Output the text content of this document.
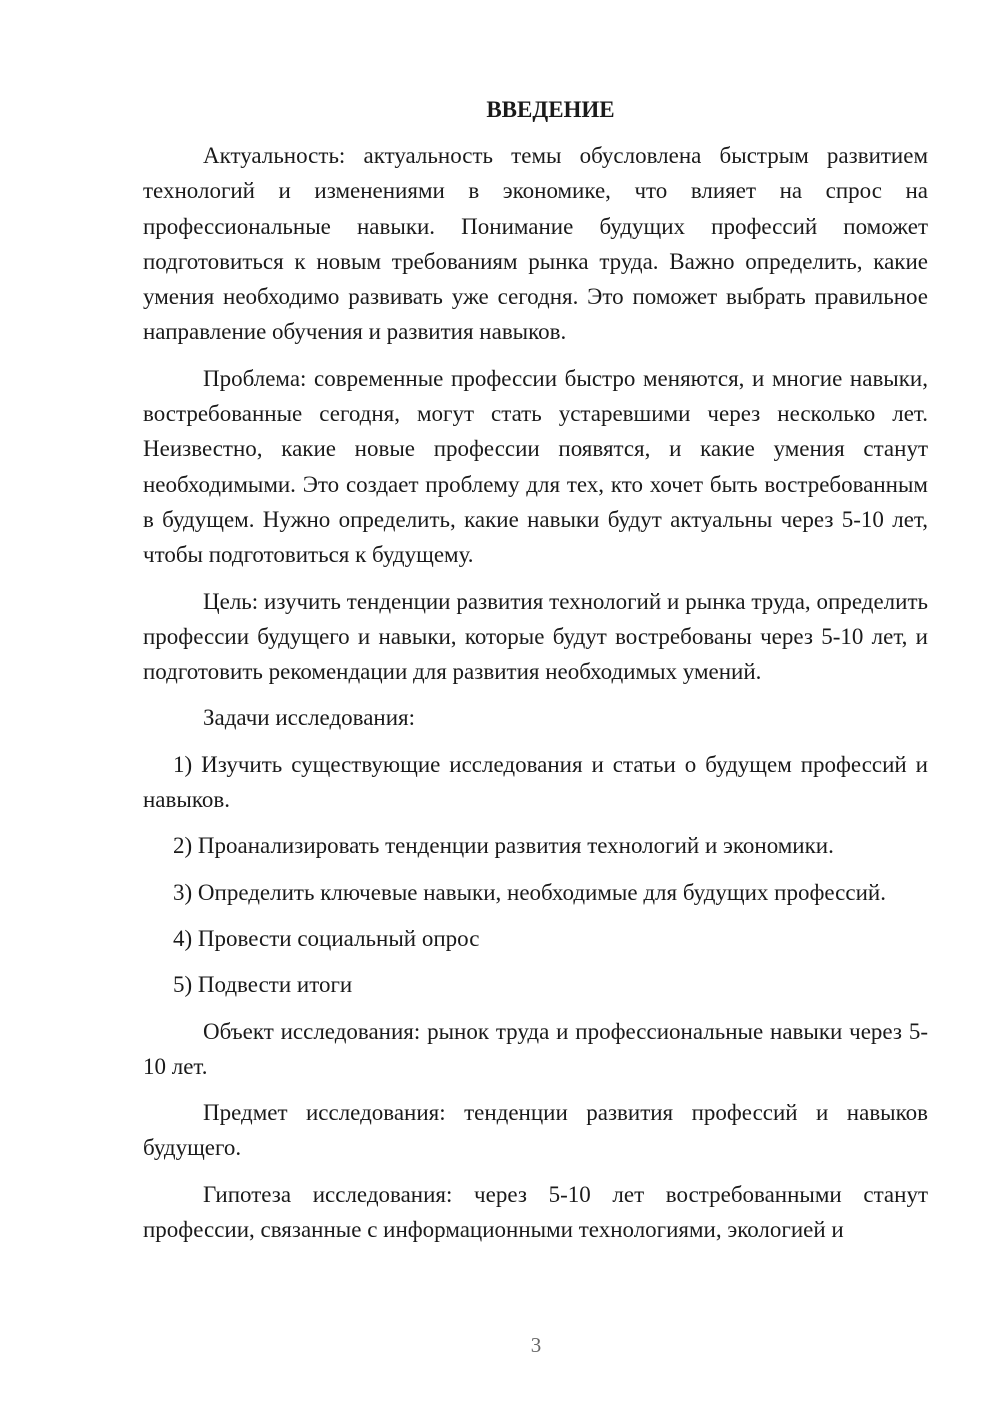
ВВЕДЕНИЕ

Актуальность: актуальность темы обусловлена быстрым развитием технологий и изменениями в экономике, что влияет на спрос на профессиональные навыки. Понимание будущих профессий поможет подготовиться к новым требованиям рынка труда. Важно определить, какие умения необходимо развивать уже сегодня. Это поможет выбрать правильное направление обучения и развития навыков.

Проблема: современные профессии быстро меняются, и многие навыки, востребованные сегодня, могут стать устаревшими через несколько лет. Неизвестно, какие новые профессии появятся, и какие умения станут необходимыми. Это создает проблему для тех, кто хочет быть востребованным в будущем. Нужно определить, какие навыки будут актуальны через 5-10 лет, чтобы подготовиться к будущему.

Цель: изучить тенденции развития технологий и рынка труда, определить профессии будущего и навыки, которые будут востребованы через 5-10 лет, и подготовить рекомендации для развития необходимых умений.

Задачи исследования:

1) Изучить существующие исследования и статьи о будущем профессий и навыков.

2) Проанализировать тенденции развития технологий и экономики.

3) Определить ключевые навыки, необходимые для будущих профессий.

4) Провести социальный опрос

5) Подвести итоги

Объект исследования: рынок труда и профессиональные навыки через 5-10 лет.

Предмет исследования: тенденции развития профессий и навыков будущего.

Гипотеза исследования: через 5-10 лет востребованными станут профессии, связанные с информационными технологиями, экологией и

3
